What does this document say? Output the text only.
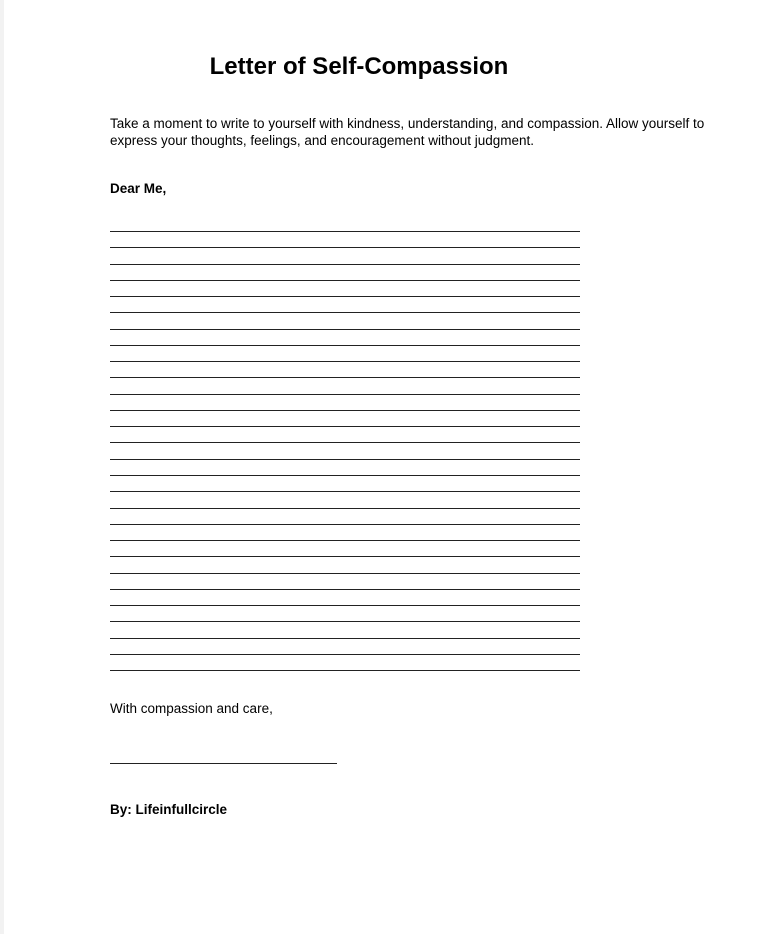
Letter of Self-Compassion

Take a moment to write to yourself with kindness, understanding, and compassion. Allow yourself to express your thoughts, feelings, and encouragement without judgment.

Dear Me,

With compassion and care,

By: Lifeinfullcircle
